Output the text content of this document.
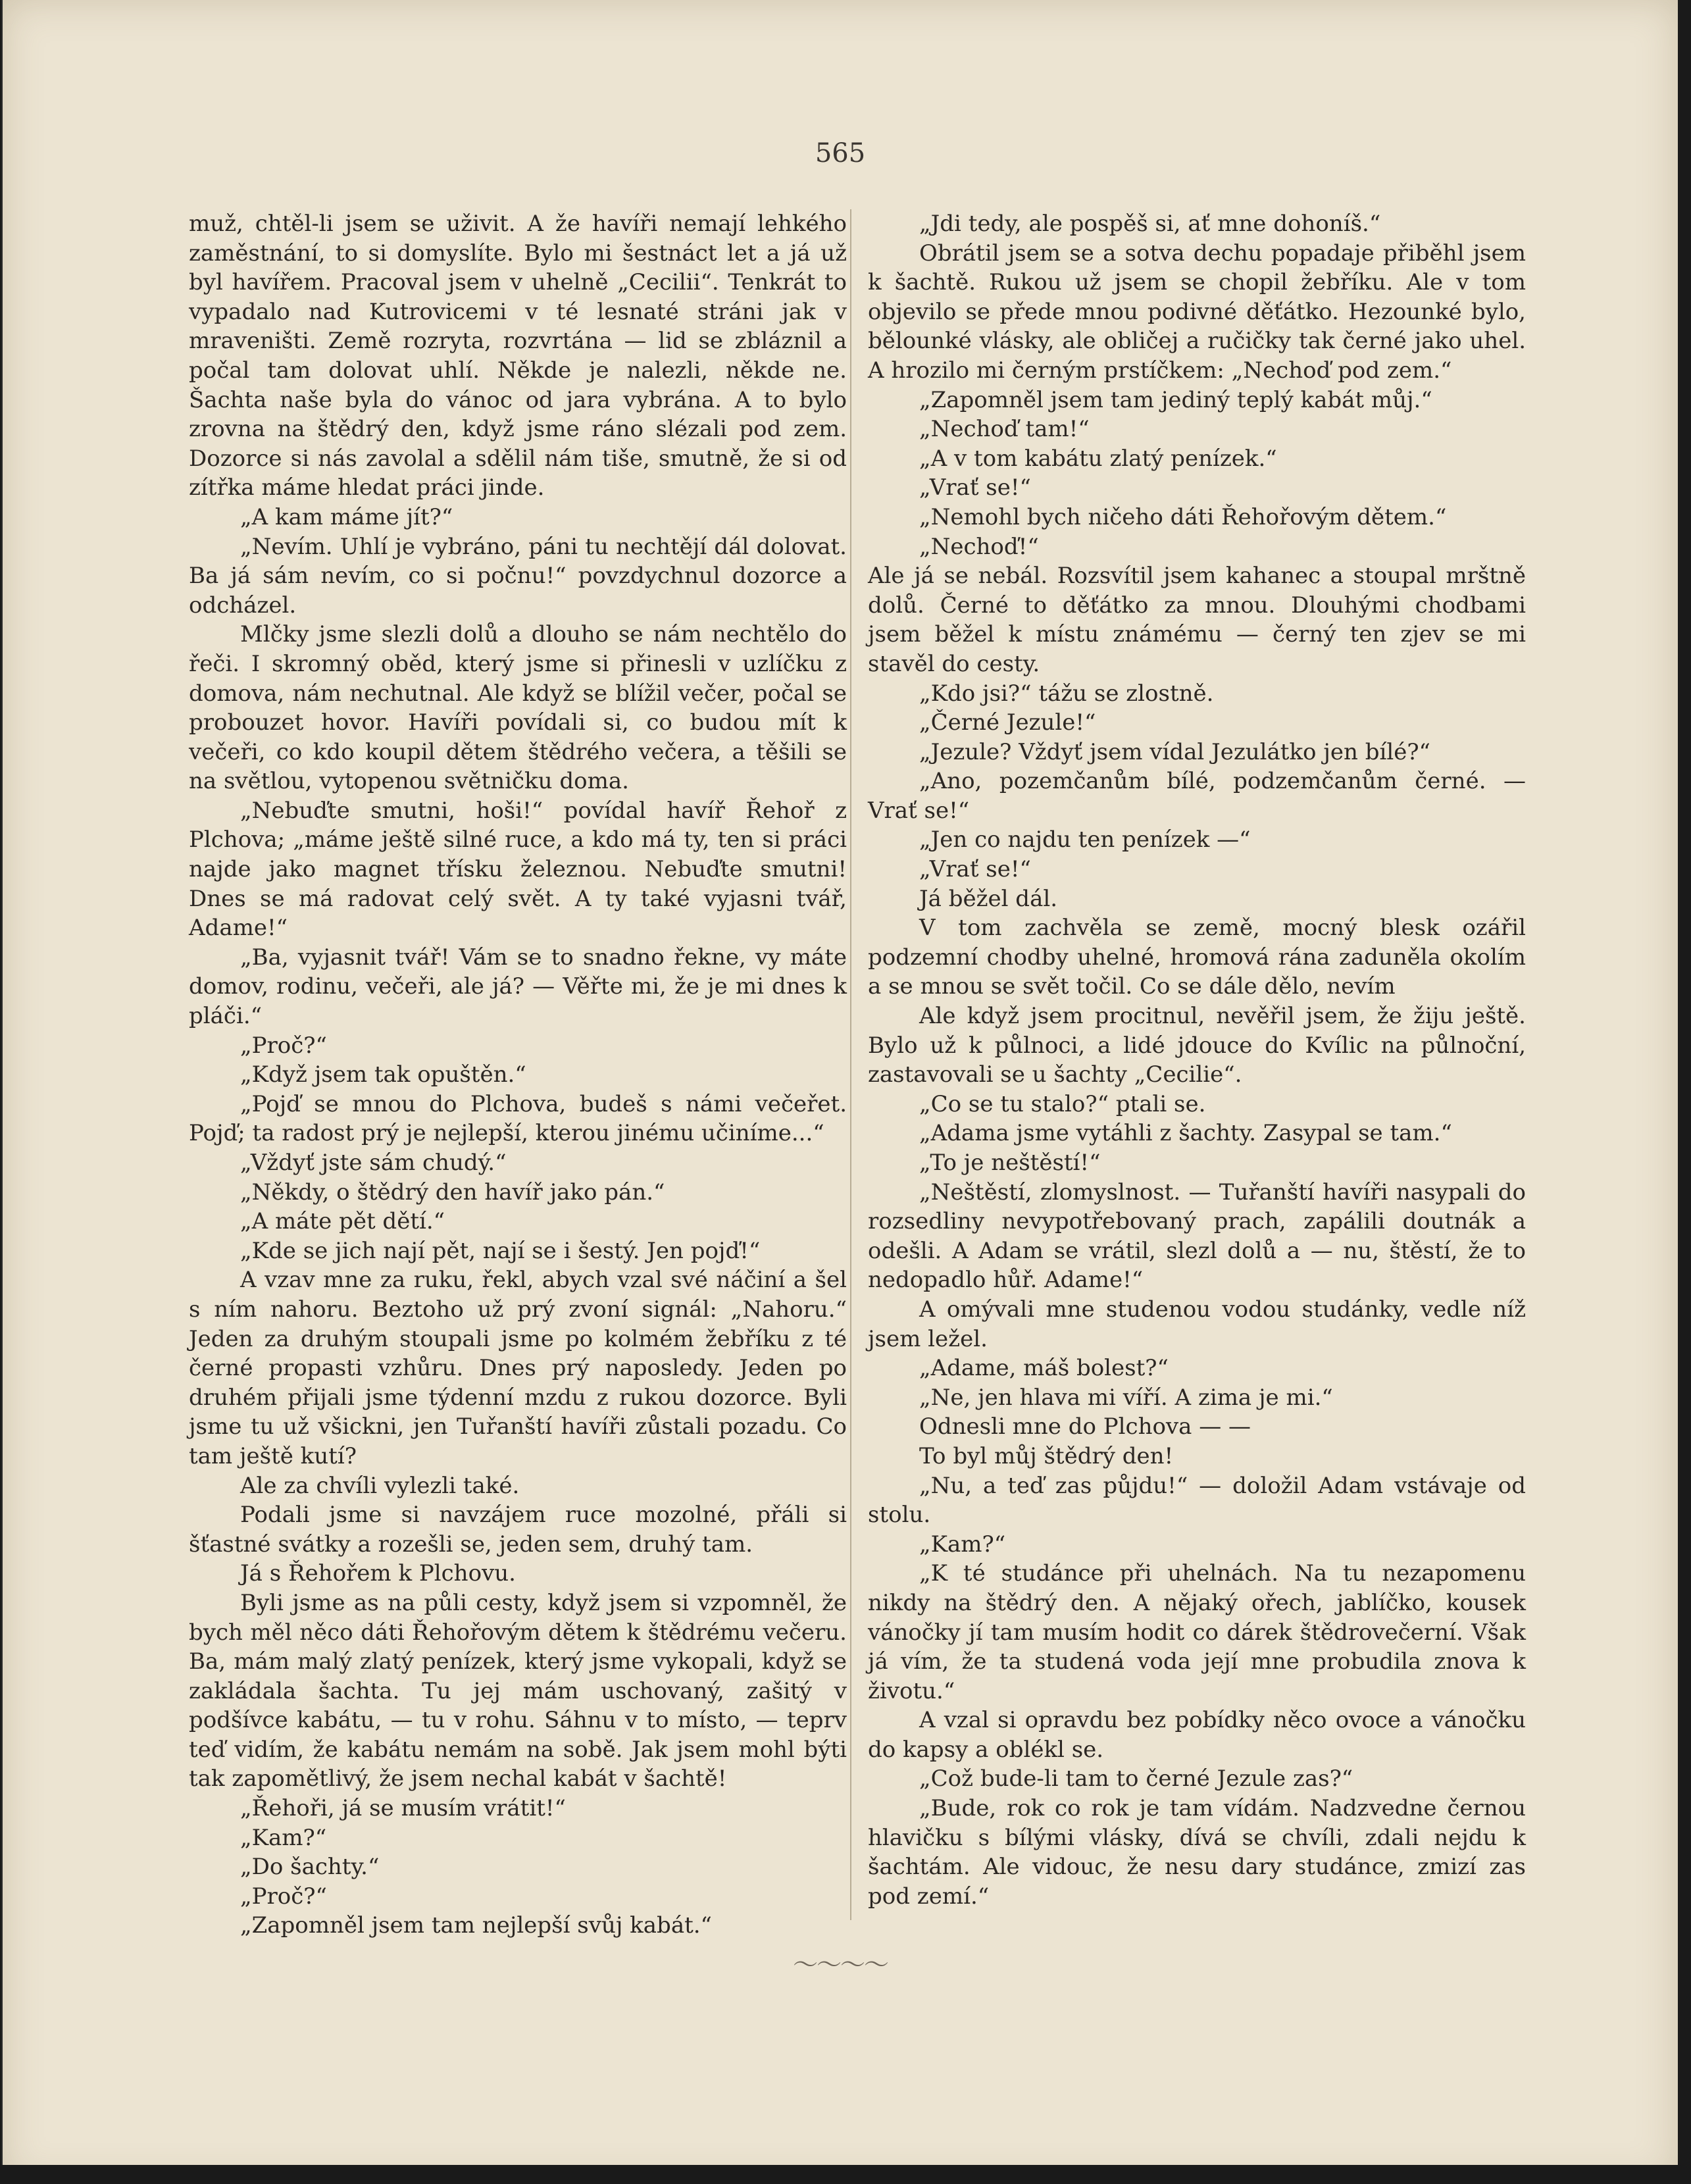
565

muž, chtěl-li jsem se uživit. A že havíři nemají lehkého zaměstnání, to si domyslíte. Bylo mi šestnáct let a já už byl havířem. Pracoval jsem v uhelně „Cecilii“. Tenkrát to vypadalo nad Kutrovicemi v té lesnaté stráni jak v mraveništi. Země rozryta, rozvrtána — lid se zbláznil a počal tam dolovat uhlí. Někde je nalezli, někde ne. Šachta naše byla do vánoc od jara vybrána. A to bylo zrovna na štědrý den, když jsme ráno slézali pod zem. Dozorce si nás zavolal a sdělil nám tiše, smutně, že si od zítřka máme hledat práci jinde.

„A kam máme jít?“

„Nevím. Uhlí je vybráno, páni tu nechtějí dál dolovat. Ba já sám nevím, co si počnu!“ povzdychnul dozorce a odcházel.

Mlčky jsme slezli dolů a dlouho se nám nechtělo do řeči. I skromný oběd, který jsme si přinesli v uzlíčku z domova, nám nechutnal. Ale když se blížil večer, počal se probouzet hovor. Havíři povídali si, co budou mít k večeři, co kdo koupil dětem štědrého večera, a těšili se na světlou, vytopenou světničku doma.

„Nebuďte smutni, hoši!“ povídal havíř Řehoř z Plchova; „máme ještě silné ruce, a kdo má ty, ten si práci najde jako magnet třísku železnou. Nebuďte smutni! Dnes se má radovat celý svět. A ty také vyjasni tvář, Adame!“

„Ba, vyjasnit tvář! Vám se to snadno řekne, vy máte domov, rodinu, večeři, ale já? — Věřte mi, že je mi dnes k pláči.“

„Proč?“

„Když jsem tak opuštěn.“

„Pojď se mnou do Plchova, budeš s námi večeřet. Pojď; ta radost prý je nejlepší, kterou jinému učiníme...“

„Vždyť jste sám chudý.“

„Někdy, o štědrý den havíř jako pán.“

„A máte pět dětí.“

„Kde se jich nají pět, nají se i šestý. Jen pojď!“

A vzav mne za ruku, řekl, abych vzal své náčiní a šel s ním nahoru. Beztoho už prý zvoní signál: „Nahoru.“ Jeden za druhým stoupali jsme po kolmém žebříku z té černé propasti vzhůru. Dnes prý naposledy. Jeden po druhém přijali jsme týdenní mzdu z rukou dozorce. Byli jsme tu už všickni, jen Tuřanští havíři zůstali pozadu. Co tam ještě kutí?

Ale za chvíli vylezli také.

Podali jsme si navzájem ruce mozolné, přáli si šťastné svátky a rozešli se, jeden sem, druhý tam.

Já s Řehořem k Plchovu.

Byli jsme as na půli cesty, když jsem si vzpomněl, že bych měl něco dáti Řehořovým dětem k štědrému večeru. Ba, mám malý zlatý penízek, který jsme vykopali, když se zakládala šachta. Tu jej mám uschovaný, zašitý v podšívce kabátu, — tu v rohu. Sáhnu v to místo, — teprv teď vidím, že kabátu nemám na sobě. Jak jsem mohl býti tak zapomětlivý, že jsem nechal kabát v šachtě!

„Řehoři, já se musím vrátit!“

„Kam?“

„Do šachty.“

„Proč?“

„Zapomněl jsem tam nejlepší svůj kabát.“

„Jdi tedy, ale pospěš si, ať mne dohoníš.“

Obrátil jsem se a sotva dechu popadaje přiběhl jsem k šachtě. Rukou už jsem se chopil žebříku. Ale v tom objevilo se přede mnou podivné děťátko. Hezounké bylo, bělounké vlásky, ale obličej a ručičky tak černé jako uhel. A hrozilo mi černým prstíčkem: „Nechoď pod zem.“

„Zapomněl jsem tam jediný teplý kabát můj.“

„Nechoď tam!“

„A v tom kabátu zlatý penízek.“

„Vrať se!“

„Nemohl bych ničeho dáti Řehořovým dětem.“

„Nechoď!“

Ale já se nebál. Rozsvítil jsem kahanec a stoupal mrštně dolů. Černé to děťátko za mnou. Dlouhými chodbami jsem běžel k místu známému — černý ten zjev se mi stavěl do cesty.

„Kdo jsi?“ tážu se zlostně.

„Černé Jezule!“

„Jezule? Vždyť jsem vídal Jezulátko jen bílé?“

„Ano, pozemčanům bílé, podzemčanům černé. — Vrať se!“

„Jen co najdu ten penízek —“

„Vrať se!“

Já běžel dál.

V tom zachvěla se země, mocný blesk ozářil podzemní chodby uhelné, hromová rána zaduněla okolím a se mnou se svět točil. Co se dále dělo, nevím

Ale když jsem procitnul, nevěřil jsem, že žiju ještě. Bylo už k půlnoci, a lidé jdouce do Kvílic na půlnoční, zastavovali se u šachty „Cecilie“.

„Co se tu stalo?“ ptali se.

„Adama jsme vytáhli z šachty. Zasypal se tam.“

„To je neštěstí!“

„Neštěstí, zlomyslnost. — Tuřanští havíři nasypali do rozsedliny nevypotřebovaný prach, zapálili doutnák a odešli. A Adam se vrátil, slezl dolů a — nu, štěstí, že to nedopadlo hůř. Adame!“

A omývali mne studenou vodou studánky, vedle níž jsem ležel.

„Adame, máš bolest?“

„Ne, jen hlava mi víří. A zima je mi.“

Odnesli mne do Plchova — —

To byl můj štědrý den!

„Nu, a teď zas půjdu!“ — doložil Adam vstávaje od stolu.

„Kam?“

„K té studánce při uhelnách. Na tu nezapomenu nikdy na štědrý den. A nějaký ořech, jablíčko, kousek vánočky jí tam musím hodit co dárek štědrovečerní. Však já vím, že ta studená voda její mne probudila znova k životu.“

A vzal si opravdu bez pobídky něco ovoce a vánočku do kapsy a oblékl se.

„Což bude-li tam to černé Jezule zas?“

„Bude, rok co rok je tam vídám. Nadzvedne černou hlavičku s bílými vlásky, dívá se chvíli, zdali nejdu k šachtám. Ale vidouc, že nesu dary studánce, zmizí zas pod zemí.“

〜〜〜〜
